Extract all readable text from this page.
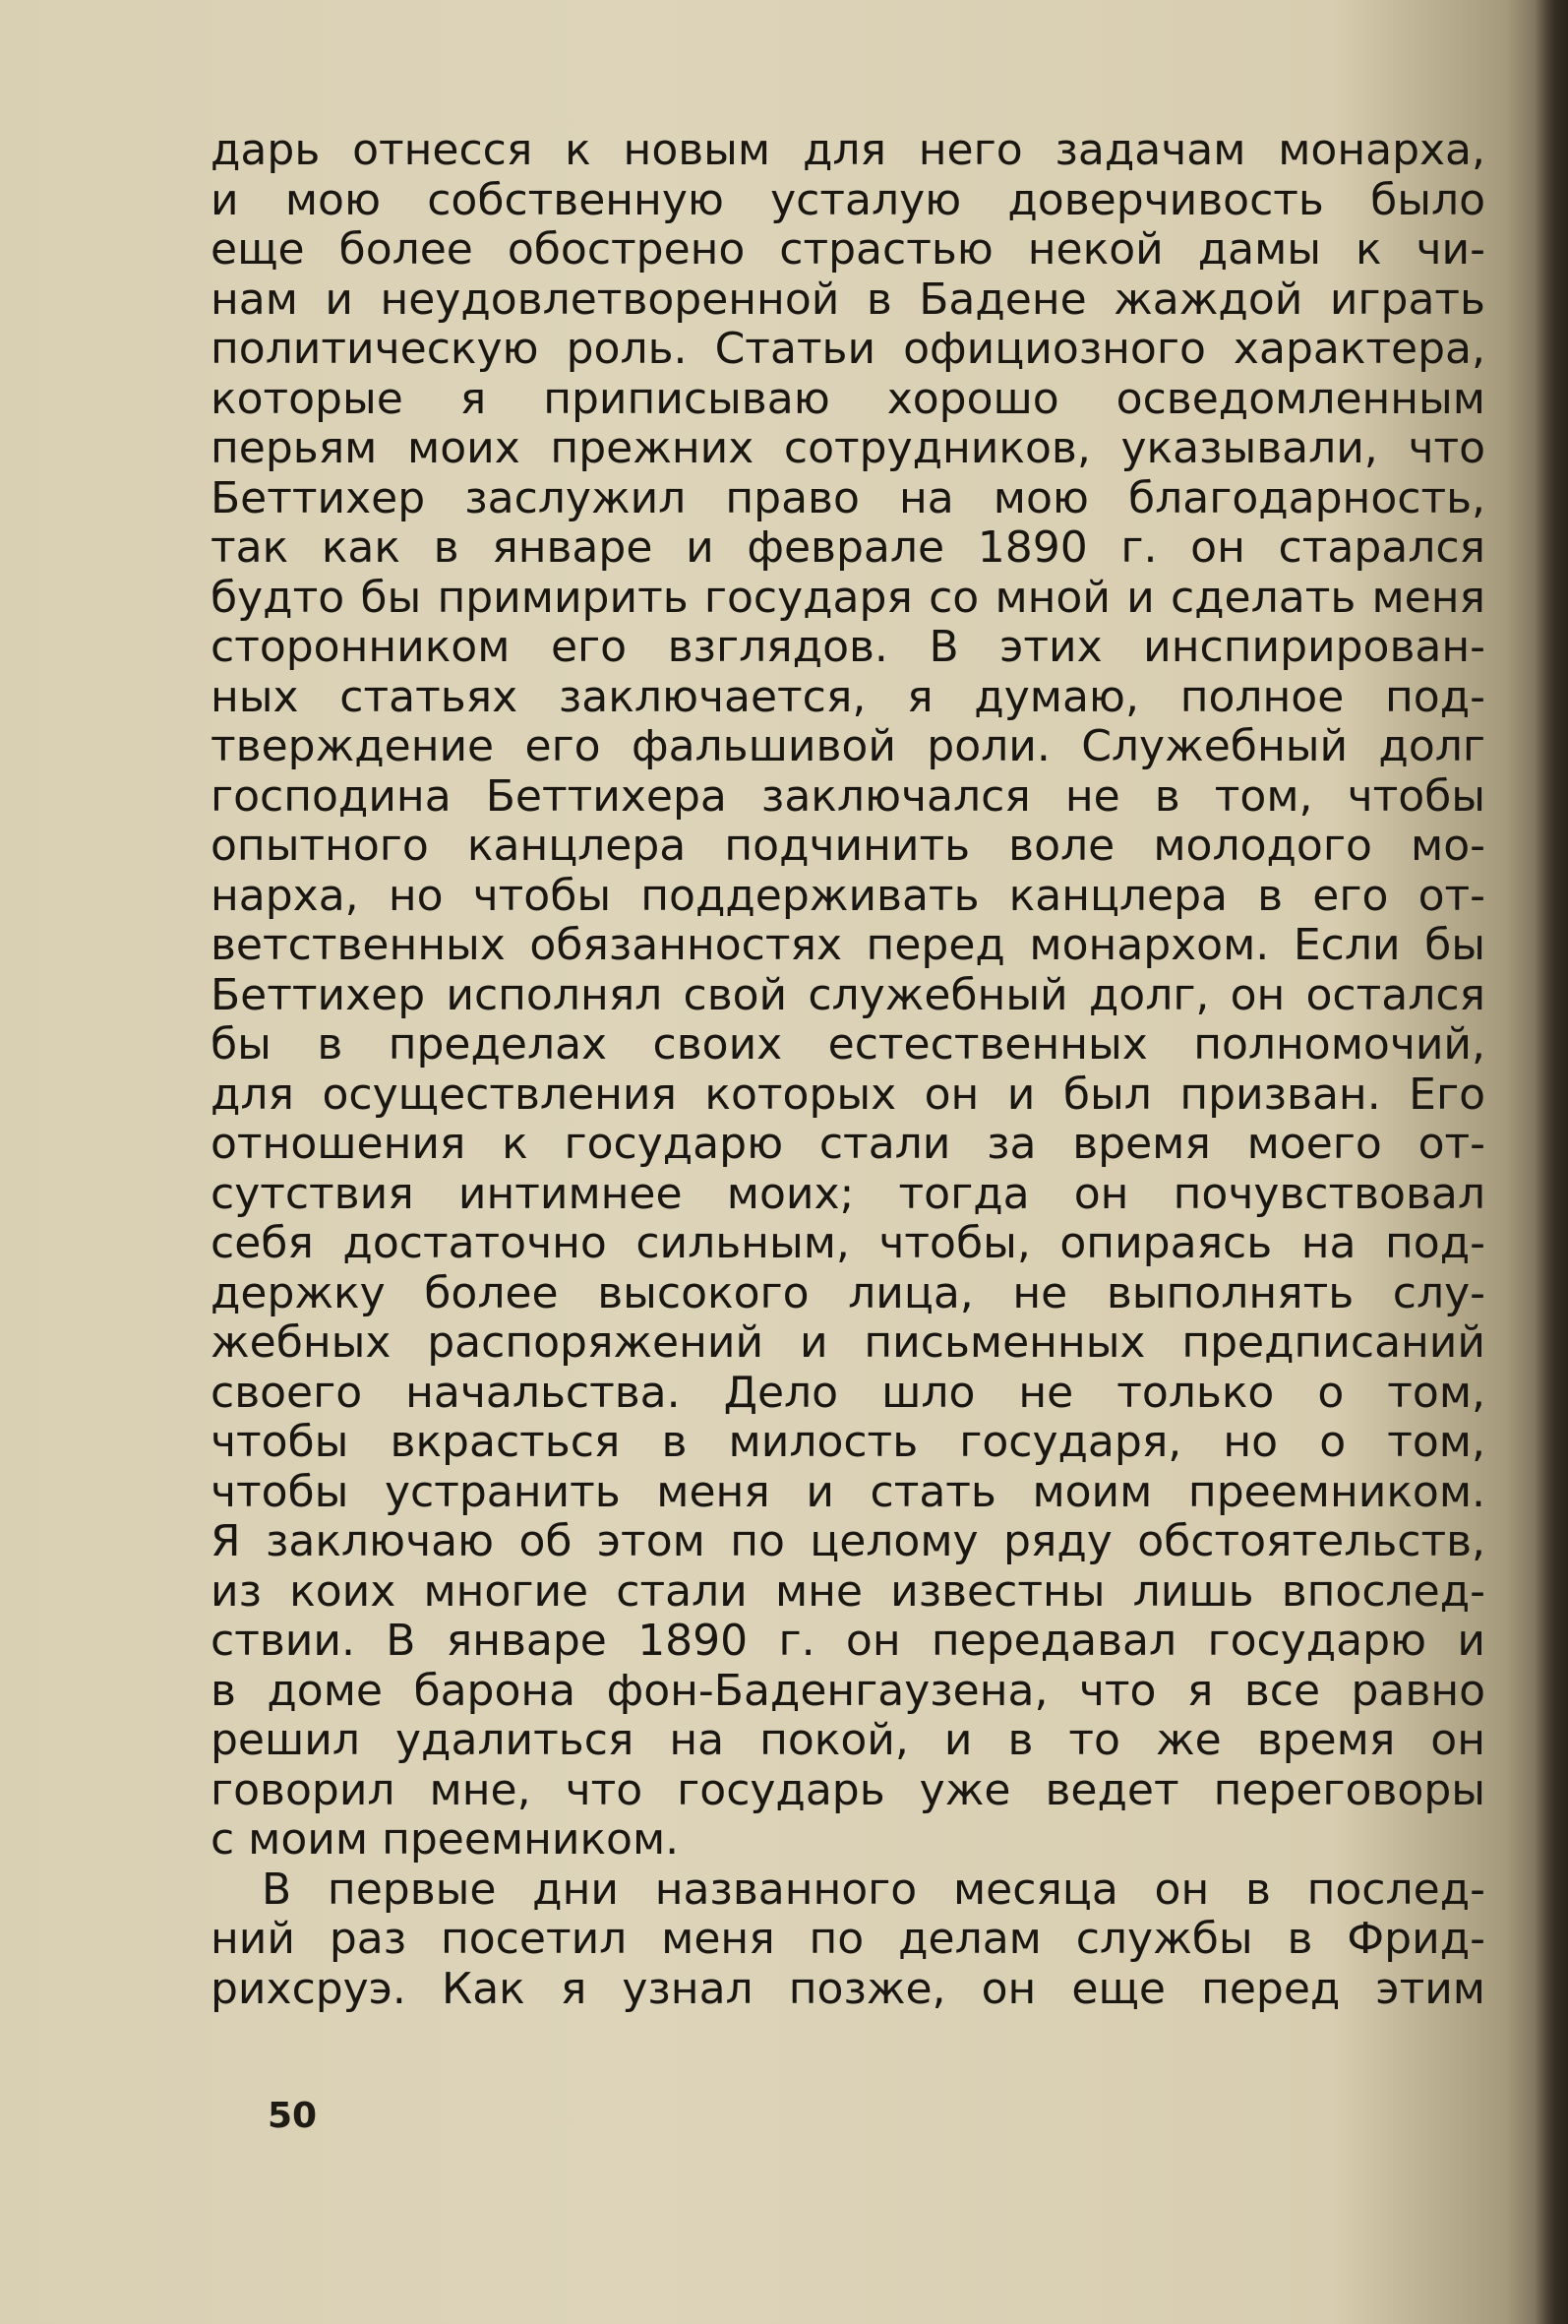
дарь отнесся к новым для него задачам монарха,
и мою собственную усталую доверчивость было
еще более обострено страстью некой дамы к чи-
нам и неудовлетворенной в Бадене жаждой играть
политическую роль. Статьи официозного характера,
которые я приписываю хорошо осведомленным
перьям моих прежних сотрудников, указывали, что
Беттихер заслужил право на мою благодарность,
так как в январе и феврале 1890 г. он старался
будто бы примирить государя со мной и сделать меня
сторонником его взглядов. В этих инспирирован-
ных статьях заключается, я думаю, полное под-
тверждение его фальшивой роли. Служебный долг
господина Беттихера заключался не в том, чтобы
опытного канцлера подчинить воле молодого мо-
нарха, но чтобы поддерживать канцлера в его от-
ветственных обязанностях перед монархом. Если бы
Беттихер исполнял свой служебный долг, он остался
бы в пределах своих естественных полномочий,
для осуществления которых он и был призван. Его
отношения к государю стали за время моего от-
сутствия интимнее моих; тогда он почувствовал
себя достаточно сильным, чтобы, опираясь на под-
держку более высокого лица, не выполнять слу-
жебных распоряжений и письменных предписаний
своего начальства. Дело шло не только о том,
чтобы вкрасться в милость государя, но о том,
чтобы устранить меня и стать моим преемником.
Я заключаю об этом по целому ряду обстоятельств,
из коих многие стали мне известны лишь впослед-
ствии. В январе 1890 г. он передавал государю и
в доме барона фон-Баденгаузена, что я все равно
решил удалиться на покой, и в то же время он
говорил мне, что государь уже ведет переговоры
с моим преемником.
В первые дни названного месяца он в послед-
ний раз посетил меня по делам службы в Фрид-
рихсруэ. Как я узнал позже, он еще перед этим
50
